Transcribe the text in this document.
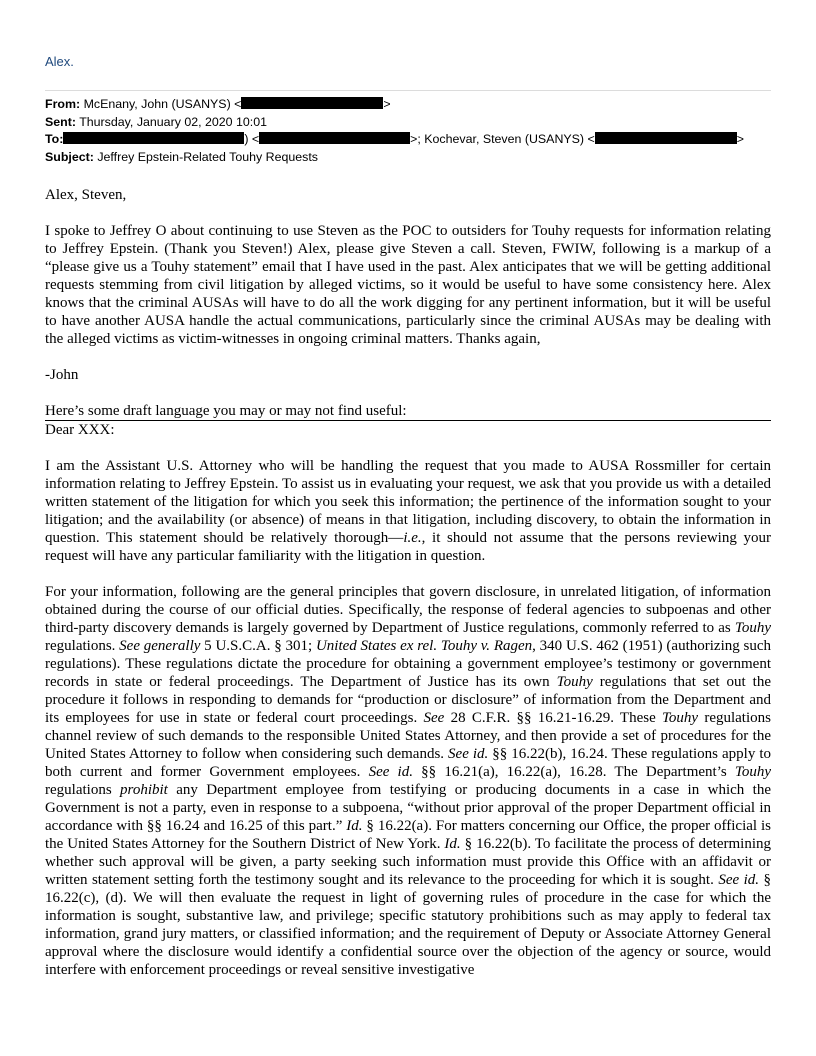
Alex.
From: McEnany, John (USANYS) <	>
Sent: Thursday, January 02, 2020 10:01
To:	) <	>; Kochevar, Steven (USANYS) <	>
Subject: Jeffrey Epstein-Related Touhy Requests

Alex, Steven,

I spoke to Jeffrey O about continuing to use Steven as the POC to outsiders for Touhy requests for information relating to Jeffrey Epstein. (Thank you Steven!) Alex, please give Steven a call. Steven, FWIW, following is a markup of a “please give us a Touhy statement” email that I have used in the past. Alex anticipates that we will be getting additional requests stemming from civil litigation by alleged victims, so it would be useful to have some consistency here. Alex knows that the criminal AUSAs will have to do all the work digging for any pertinent information, but it will be useful to have another AUSA handle the actual communications, particularly since the criminal AUSAs may be dealing with the alleged victims as victim-witnesses in ongoing criminal matters. Thanks again,

-John

Here’s some draft language you may or may not find useful:

Dear XXX:

I am the Assistant U.S. Attorney who will be handling the request that you made to AUSA Rossmiller for certain information relating to Jeffrey Epstein. To assist us in evaluating your request, we ask that you provide us with a detailed written statement of the litigation for which you seek this information; the pertinence of the information sought to your litigation; and the availability (or absence) of means in that litigation, including discovery, to obtain the information in question. This statement should be relatively thorough—i.e., it should not assume that the persons reviewing your request will have any particular familiarity with the litigation in question.

For your information, following are the general principles that govern disclosure, in unrelated litigation, of information obtained during the course of our official duties. Specifically, the response of federal agencies to subpoenas and other third-party discovery demands is largely governed by Department of Justice regulations, commonly referred to as Touhy regulations. See generally 5 U.S.C.A. § 301; United States ex rel. Touhy v. Ragen, 340 U.S. 462 (1951) (authorizing such regulations). These regulations dictate the procedure for obtaining a government employee’s testimony or government records in state or federal proceedings. The Department of Justice has its own Touhy regulations that set out the procedure it follows in responding to demands for “production or disclosure” of information from the Department and its employees for use in state or federal court proceedings. See 28 C.F.R. §§ 16.21-16.29. These Touhy regulations channel review of such demands to the responsible United States Attorney, and then provide a set of procedures for the United States Attorney to follow when considering such demands. See id. §§ 16.22(b), 16.24. These regulations apply to both current and former Government employees. See id. §§ 16.21(a), 16.22(a), 16.28. The Department’s Touhy regulations prohibit any Department employee from testifying or producing documents in a case in which the Government is not a party, even in response to a subpoena, “without prior approval of the proper Department official in accordance with §§ 16.24 and 16.25 of this part.” Id. § 16.22(a). For matters concerning our Office, the proper official is the United States Attorney for the Southern District of New York. Id. § 16.22(b). To facilitate the process of determining whether such approval will be given, a party seeking such information must provide this Office with an affidavit or written statement setting forth the testimony sought and its relevance to the proceeding for which it is sought. See id. § 16.22(c), (d). We will then evaluate the request in light of governing rules of procedure in the case for which the information is sought, substantive law, and privilege; specific statutory prohibitions such as may apply to federal tax information, grand jury matters, or classified information; and the requirement of Deputy or Associate Attorney General approval where the disclosure would identify a confidential source over the objection of the agency or source, would interfere with enforcement proceedings or reveal sensitive investigative
